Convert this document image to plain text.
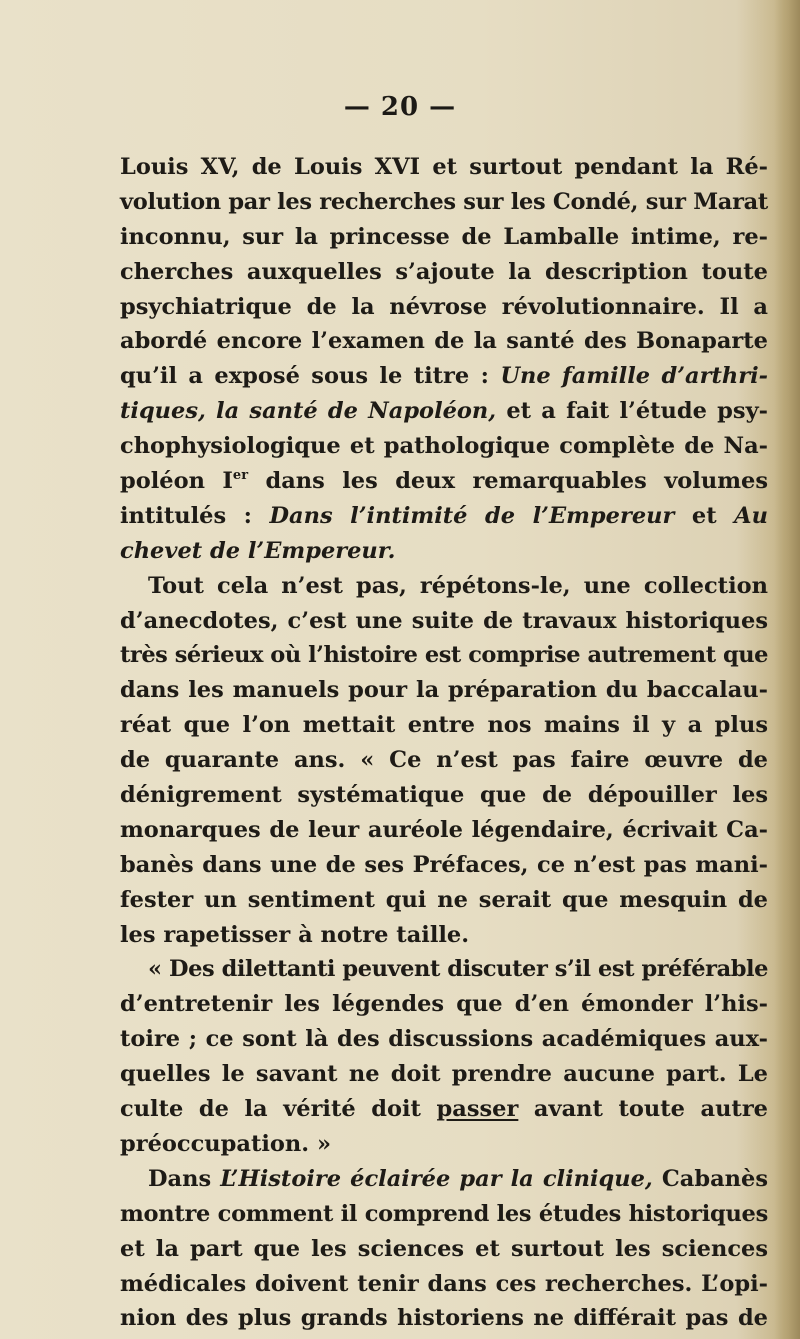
— 20 —
Louis XV, de Louis XVI et surtout pendant la Ré-
volution par les recherches sur les Condé, sur Marat
inconnu, sur la princesse de Lamballe intime, re-
cherches auxquelles s’ajoute la description toute
psychiatrique de la névrose révolutionnaire. Il a
abordé encore l’examen de la santé des Bonaparte
qu’il a exposé sous le titre : Une famille d’arthri-
tiques, la santé de Napoléon, et a fait l’étude psy-
chophysiologique et pathologique complète de Na-
poléon Ier dans les deux remarquables volumes
intitulés : Dans l’intimité de l’Empereur et Au
chevet de l’Empereur.
Tout cela n’est pas, répétons-le, une collection
d’anecdotes, c’est une suite de travaux historiques
très sérieux où l’histoire est comprise autrement que
dans les manuels pour la préparation du baccalau-
réat que l’on mettait entre nos mains il y a plus
de quarante ans. « Ce n’est pas faire œuvre de
dénigrement systématique que de dépouiller les
monarques de leur auréole légendaire, écrivait Ca-
banès dans une de ses Préfaces, ce n’est pas mani-
fester un sentiment qui ne serait que mesquin de
les rapetisser à notre taille.
« Des dilettanti peuvent discuter s’il est préférable
d’entretenir les légendes que d’en émonder l’his-
toire ; ce sont là des discussions académiques aux-
quelles le savant ne doit prendre aucune part. Le
culte de la vérité doit passer avant toute autre
préoccupation. »
Dans L’Histoire éclairée par la clinique, Cabanès
montre comment il comprend les études historiques
et la part que les sciences et surtout les sciences
médicales doivent tenir dans ces recherches. L’opi-
nion des plus grands historiens ne différait pas de
